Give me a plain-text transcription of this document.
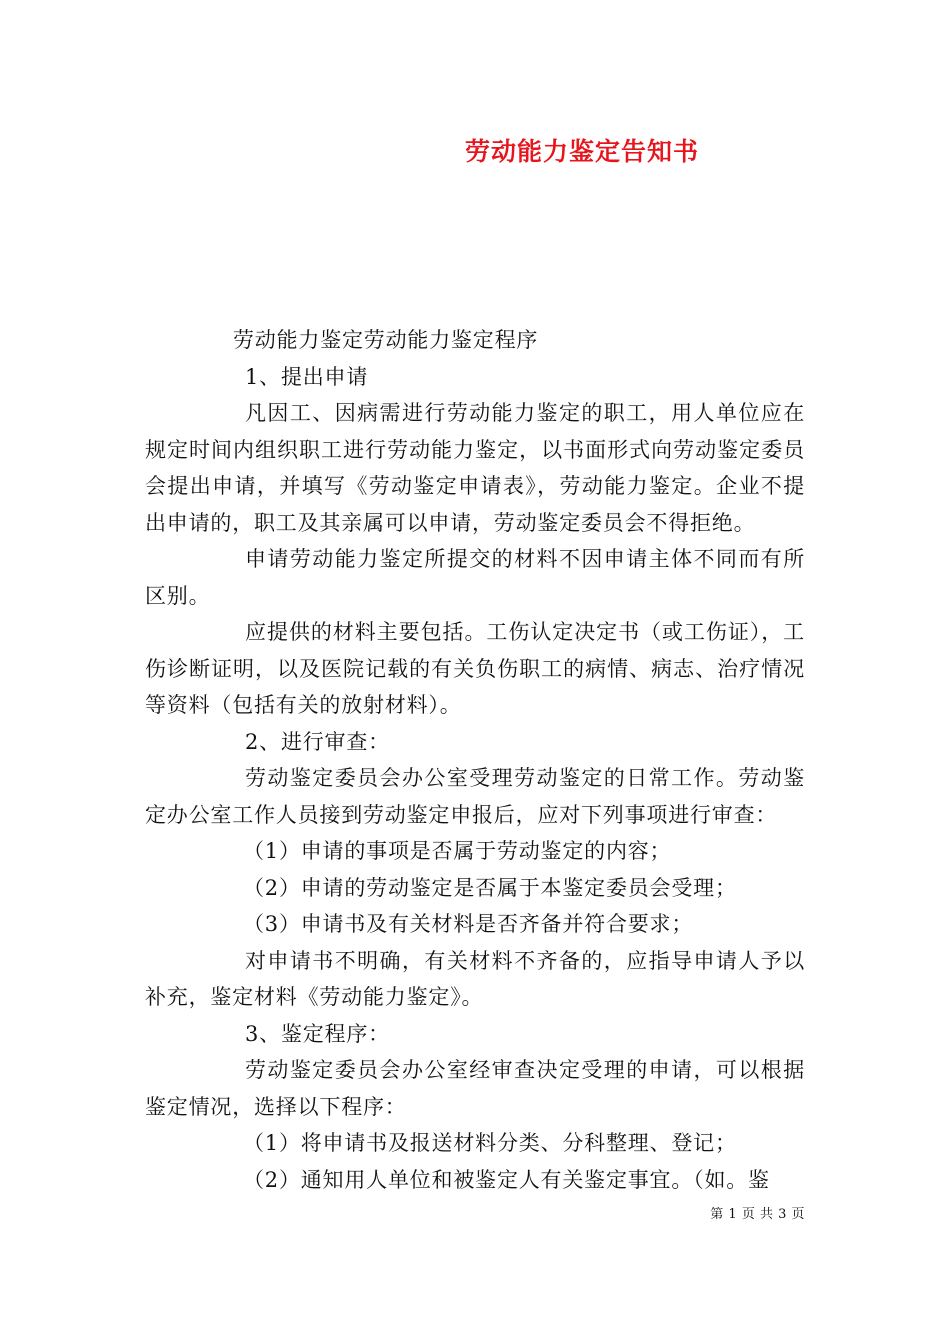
劳动能力鉴定告知书

劳动能力鉴定劳动能力鉴定程序

1、提出申请

凡因工、因病需进行劳动能力鉴定的职工，用人单位应在规定时间内组织职工进行劳动能力鉴定，以书面形式向劳动鉴定委员会提出申请，并填写《劳动鉴定申请表》，劳动能力鉴定。企业不提出申请的，职工及其亲属可以申请，劳动鉴定委员会不得拒绝。

申请劳动能力鉴定所提交的材料不因申请主体不同而有所区别。

应提供的材料主要包括。工伤认定决定书（或工伤证），工伤诊断证明，以及医院记载的有关负伤职工的病情、病志、治疗情况等资料（包括有关的放射材料）。

2、进行审查：

劳动鉴定委员会办公室受理劳动鉴定的日常工作。劳动鉴定办公室工作人员接到劳动鉴定申报后，应对下列事项进行审查：

（1）申请的事项是否属于劳动鉴定的内容；

（2）申请的劳动鉴定是否属于本鉴定委员会受理；

（3）申请书及有关材料是否齐备并符合要求；

对申请书不明确，有关材料不齐备的，应指导申请人予以补充，鉴定材料《劳动能力鉴定》。

3、鉴定程序：

劳动鉴定委员会办公室经审查决定受理的申请，可以根据鉴定情况，选择以下程序：

（1）将申请书及报送材料分类、分科整理、登记；

（2）通知用人单位和被鉴定人有关鉴定事宜。（如。鉴

第 1 页 共 3 页
